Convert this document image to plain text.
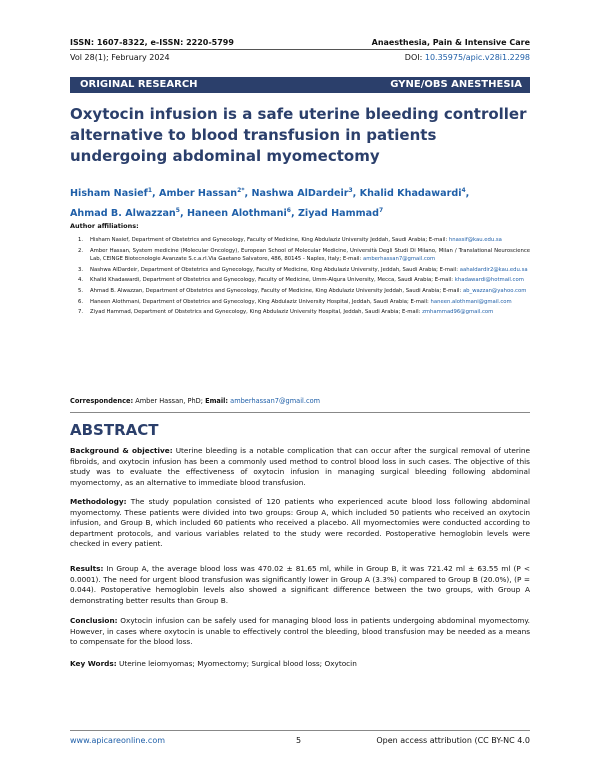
ISSN: 1607-8322, e-ISSN: 2220-5799	Anaesthesia, Pain & Intensive Care
Vol 28(1); February 2024	DOI: 10.35975/apic.v28i1.2298
ORIGINAL RESEARCH	GYNE/OBS ANESTHESIA
Oxytocin infusion is a safe uterine bleeding controller alternative to blood transfusion in patients undergoing abdominal myomectomy
Hisham Nasief$^1$, Amber Hassan$^{2*}$, Nashwa AlDardeir$^3$, Khalid Khadawardi$^4$,
Ahmad B. Alwazzan$^5$, Haneen Alothmani$^6$, Ziyad Hammad$^7$
Author affiliations:
1. Hisham Nasief, Department of Obstetrics and Gynecology, Faculty of Medicine, King Abdulaziz University Jeddah, Saudi Arabia; E-mail: hnassif@kau.edu.sa
2. Amber Hassan, System medicine (Molecular Oncology), European School of Molecular Medicine, Università Degli Studi Di Milano, Milan / Translational Neuroscience Lab, CEINGE Biotecnologie Avanzate S.c.a.rl.Via Gaetano Salvatore, 486, 80145 - Naples, Italy; E-mail: amberhassan7@gmail.com
3. Nashwa AlDardeir, Department of Obstetrics and Gynecology, Faculty of Medicine, King Abdulaziz University, Jeddah, Saudi Arabia; E-mail: aahaldardir2@kau.edu.sa
4. Khalid Khadawardi, Department of Obstetrics and Gynecology, Faculty of Medicine, Umm-Alqura University, Mecca, Saudi Arabia; E-mail: khadawardi@hotmail.com
5. Ahmad B. Alwazzan, Department of Obstetrics and Gynecology, Faculty of Medicine, King Abdulaziz University Jeddah, Saudi Arabia; E-mail: ab_wazzan@yahoo.com
6. Haneen Alothmani, Department of Obstetrics and Gynecology, King Abdulaziz University Hospital, Jeddah, Saudi Arabia; E-mail: haneen.alothmani@gmail.com
7. Ziyad Hammad, Department of Obstetrics and Gynecology, King Abdulaziz University Hospital, Jeddah, Saudi Arabia; E-mail: zmhammad96@gmail.com
Correspondence: Amber Hassan, PhD; Email: amberhassan7@gmail.com
ABSTRACT
Background & objective: Uterine bleeding is a notable complication that can occur after the surgical removal of uterine fibroids, and oxytocin infusion has been a commonly used method to control blood loss in such cases. The objective of this study was to evaluate the effectiveness of oxytocin infusion in managing surgical bleeding following abdominal myomectomy, as an alternative to immediate blood transfusion.
Methodology: The study population consisted of 120 patients who experienced acute blood loss following abdominal myomectomy. These patients were divided into two groups: Group A, which included 50 patients who received an oxytocin infusion, and Group B, which included 60 patients who received a placebo. All myomectomies were conducted according to department protocols, and various variables related to the study were recorded. Postoperative hemoglobin levels were checked in every patient.
Results: In Group A, the average blood loss was 470.02 ± 81.65 ml, while in Group B, it was 721.42 ml ± 63.55 ml (P < 0.0001). The need for urgent blood transfusion was significantly lower in Group A (3.3%) compared to Group B (20.0%), (P = 0.044). Postoperative hemoglobin levels also showed a significant difference between the two groups, with Group A demonstrating better results than Group B.
Conclusion: Oxytocin infusion can be safely used for managing blood loss in patients undergoing abdominal myomectomy. However, in cases where oxytocin is unable to effectively control the bleeding, blood transfusion may be needed as a means to compensate for the blood loss.
Key Words: Uterine leiomyomas; Myomectomy; Surgical blood loss; Oxytocin
www.apicareonline.com	5	Open access attribution (CC BY-NC 4.0
